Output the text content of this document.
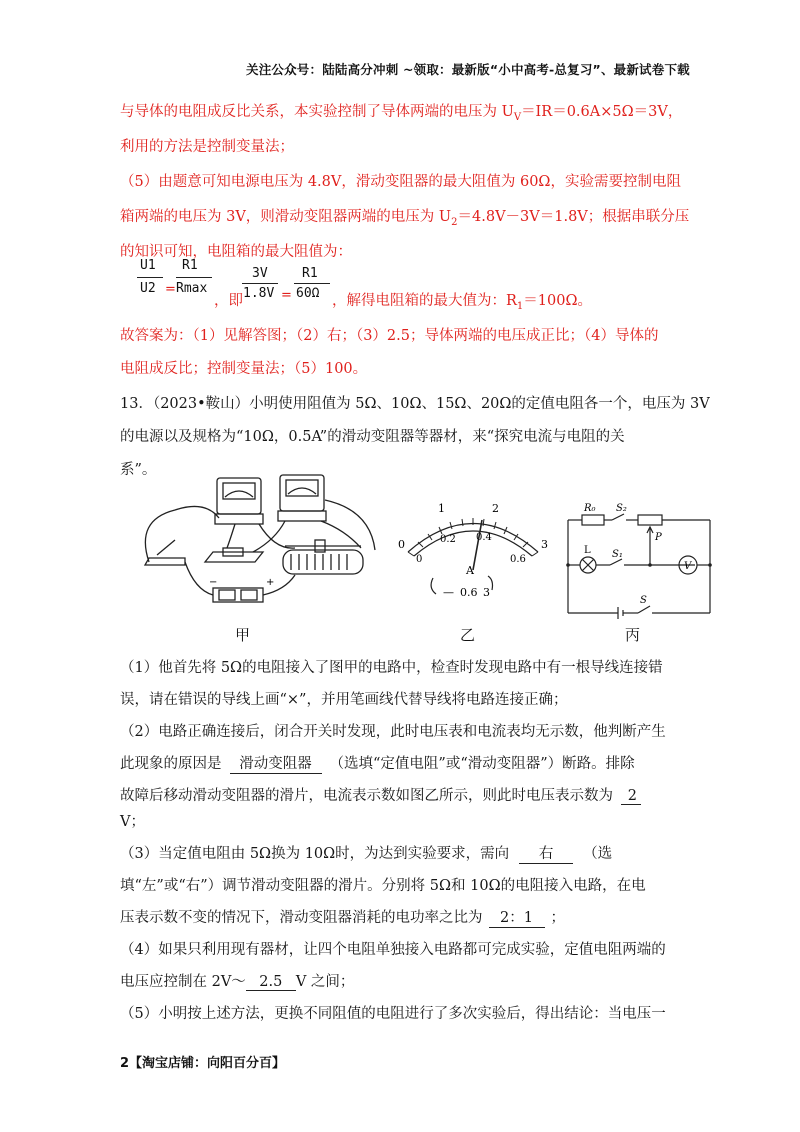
关注公众号：陆陆高分冲刺 ~领取：最新版“小中高考-总复习”、最新试卷下载
与导体的电阻成反比关系，本实验控制了导体两端的电压为 $U_V=IR=0.6A\times 5\Omega=3V$，
利用的方法是控制变量法；
（5）由题意可知电源电压为 4.8V，滑动变阻器的最大阻值为 60Ω，实验需要控制电阻
箱两端的电压为 3V，则滑动变阻器两端的电压为 $U_2=4.8V-3V=1.8V$；根据串联分压
的知识可知，电阻箱的最大阻值为：
U1
U2 =
R1
Rmax
，即
3V
1.8V =
R1
60Ω ，解得电阻箱的最大值为：$R_1=100\Omega$。
故答案为：（1）见解答图；（2）右；（3）2.5；导体两端的电压成正比；（4）导体的
电阻成反比；控制变量法；（5）100。
13．（2023•鞍山）小明使用阻值为 5Ω、10Ω、15Ω、20Ω的定值电阻各一个，电压为 3V
的电源以及规格为“10Ω，0.5A”的滑动变阻器等器材，来“探究电流与电阻的关
系”。
−	+
甲
0
1	2
3
0
0.2 0.4
0.6
A
— 0.6 3
乙
R₀ S₂
L S₁
P
V
S
丙
（1）他首先将 5Ω的电阻接入了图甲的电路中，检查时发现电路中有一根导线连接错
误，请在错误的导线上画“×”，并用笔画线代替导线将电路连接正确；
（2）电路正确连接后，闭合开关时发现，此时电压表和电流表均无示数，他判断产生
此现象的原因是 滑动变阻器 （选填“定值电阻”或“滑动变阻器”）断路。排除
故障后移动滑动变阻器的滑片，电流表示数如图乙所示，则此时电压表示数为 2
V；
（3）当定值电阻由 5Ω换为 10Ω时，为达到实验要求，需向 右 （选
填“左”或“右”）调节滑动变阻器的滑片。分别将 5Ω和 10Ω的电阻接入电路，在电
压表示数不变的情况下，滑动变阻器消耗的电功率之比为 2：1 ；
（4）如果只利用现有器材，让四个电阻单独接入电路都可完成实验，定值电阻两端的
电压应控制在 2V～ 2.5 V 之间；
（5）小明按上述方法，更换不同阻值的电阻进行了多次实验后，得出结论：当电压一
2【淘宝店铺：向阳百分百】
